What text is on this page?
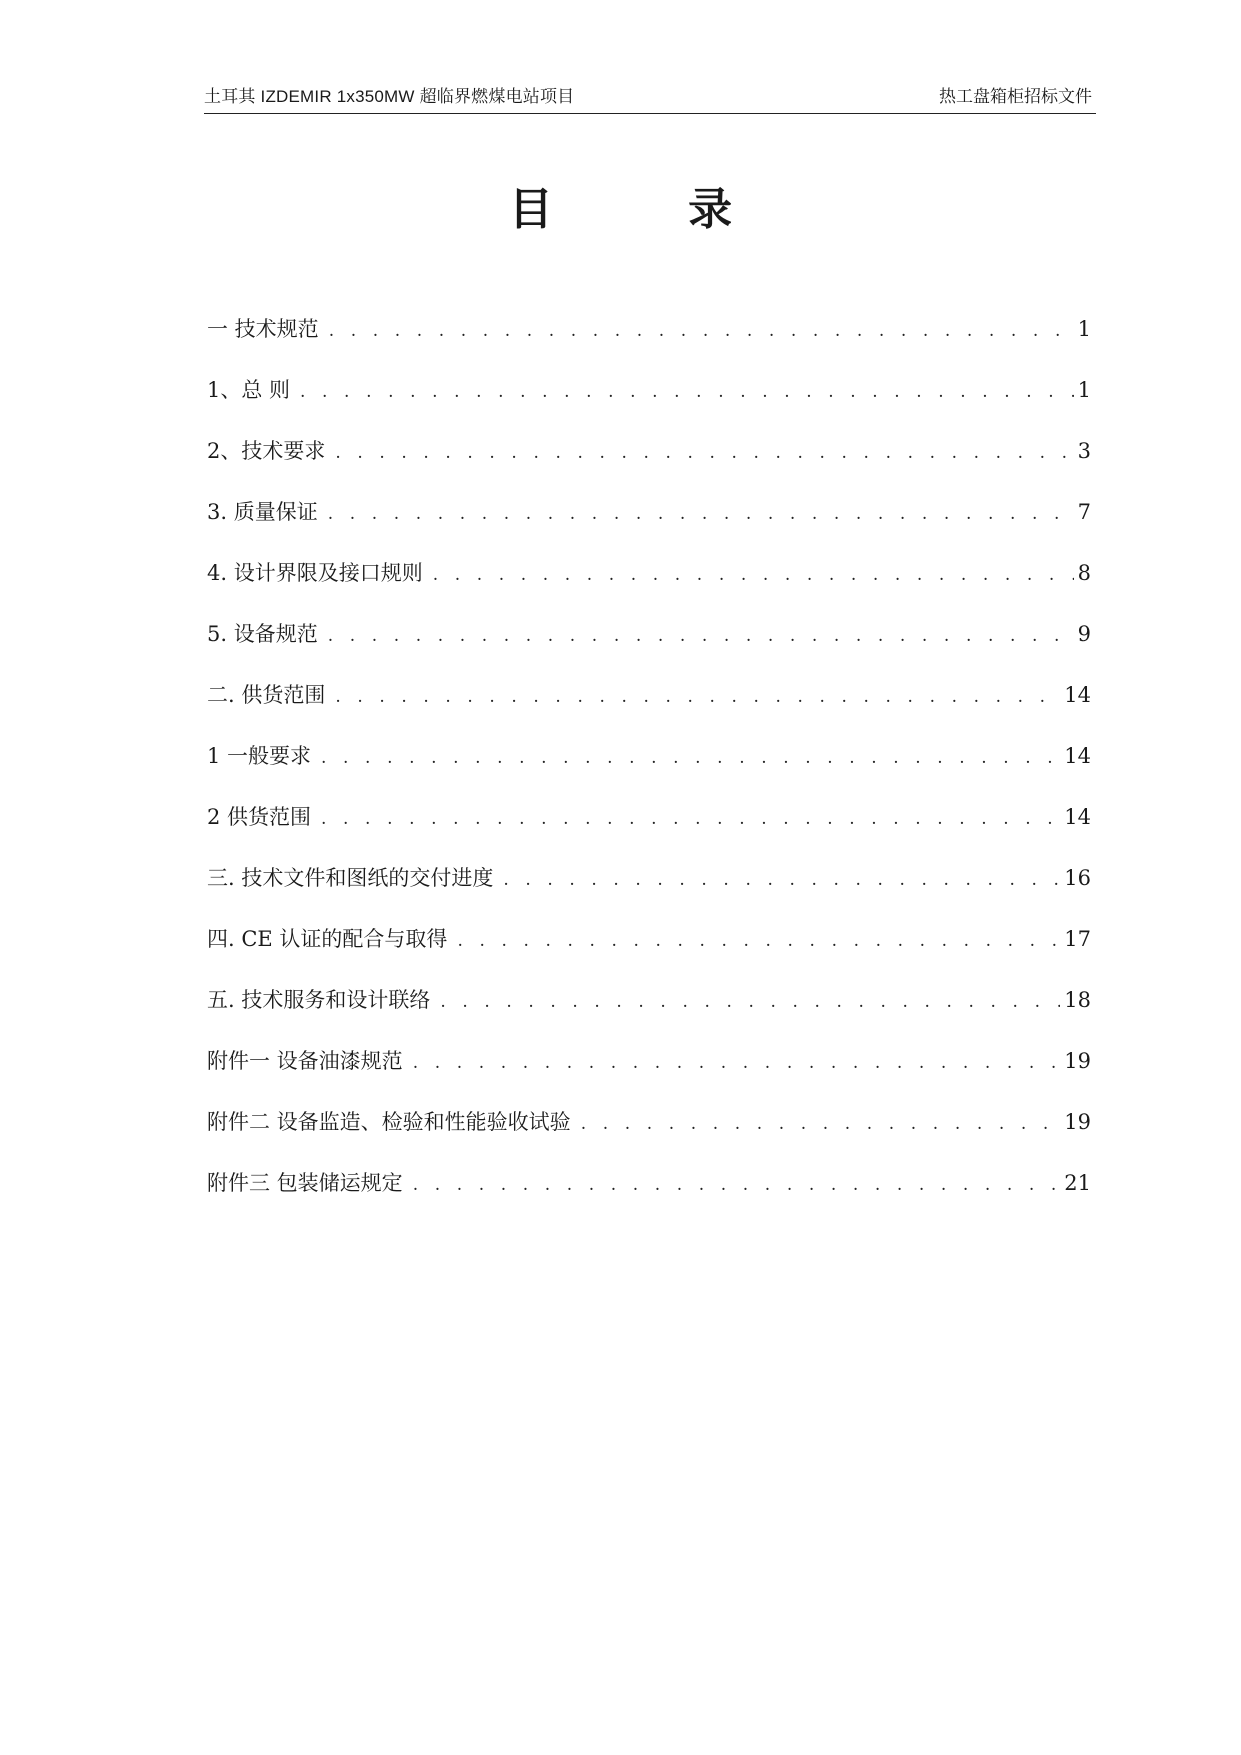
土耳其 IZDEMIR 1x350MW 超临界燃煤电站项目	热工盘箱柜招标文件
目 录
一 技术规范 . . .	1
1、总 则 . . .	1
2、技术要求 . . .	3
3. 质量保证 . . .	7
4. 设计界限及接口规则 . . .	8
5. 设备规范 . . .	9
二. 供货范围 . . .	14
1 一般要求 . . .	14
2 供货范围 . . .	14
三. 技术文件和图纸的交付进度 . . .	16
四. CE 认证的配合与取得 . . .	17
五. 技术服务和设计联络 . . .	18
附件一 设备油漆规范 . . .	19
附件二 设备监造、检验和性能验收试验 . . .	19
附件三 包装储运规定 . . .	21
